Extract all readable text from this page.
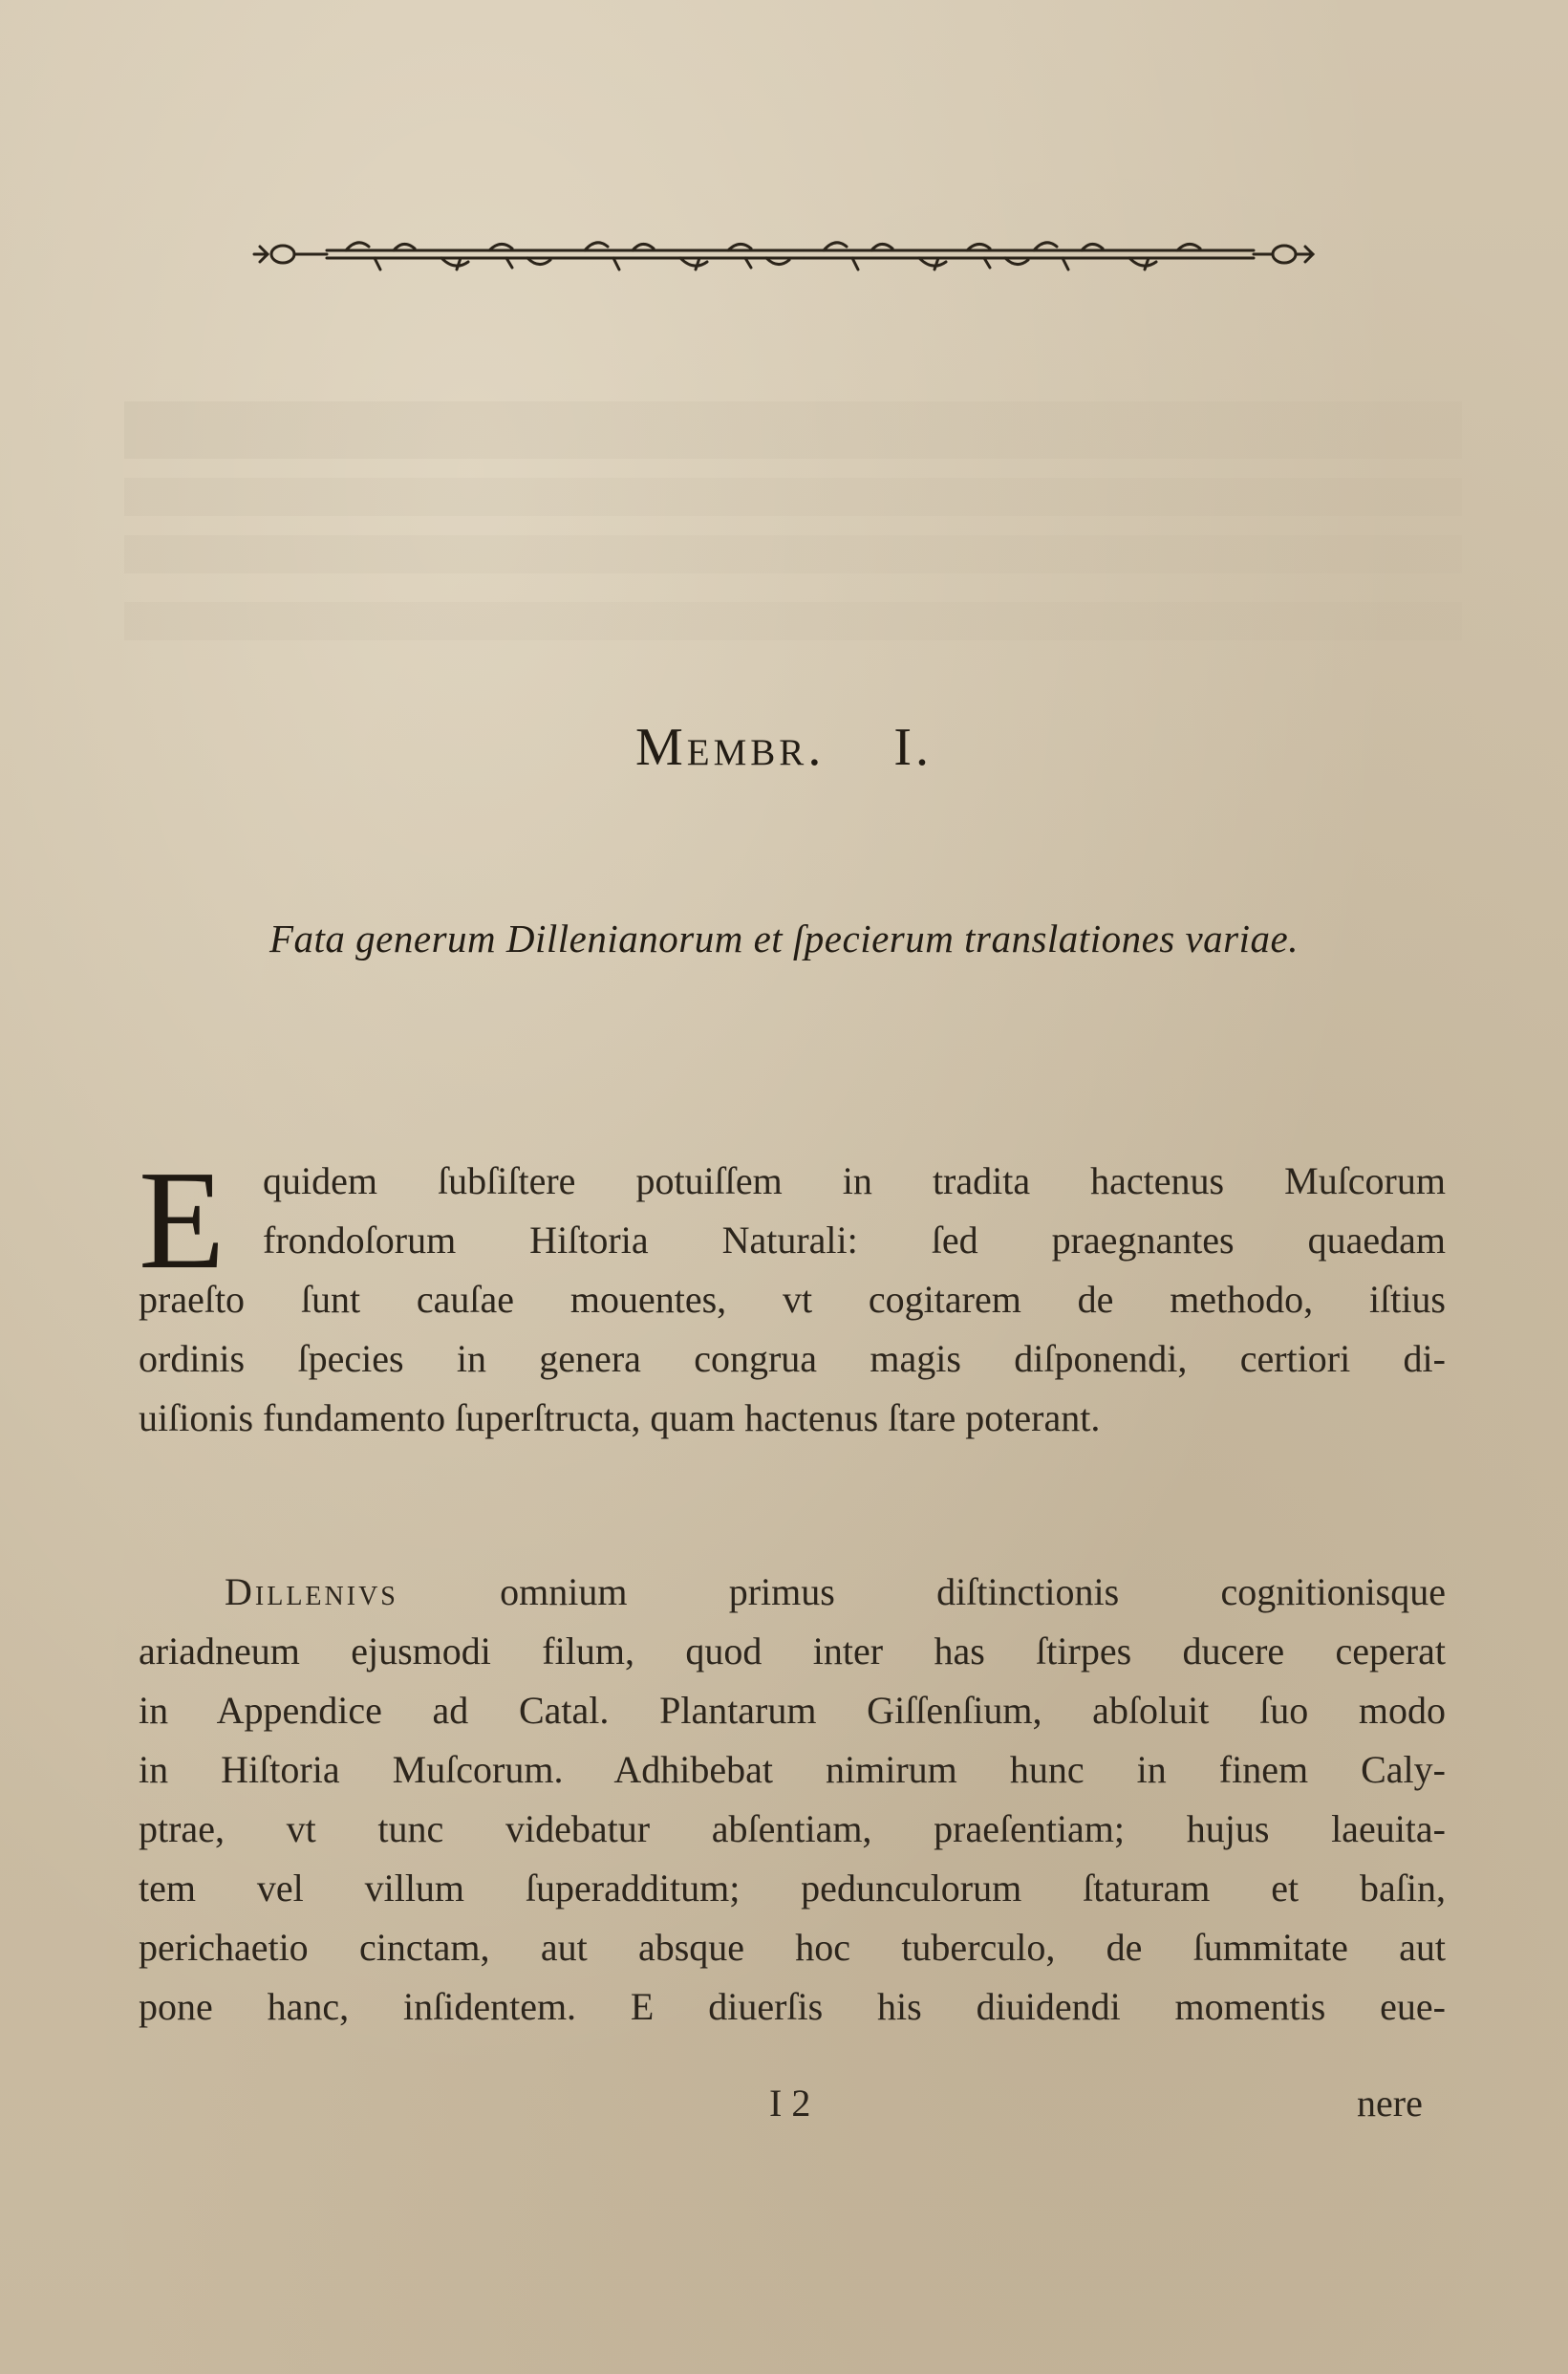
Membr. I.
Fata generum Dillenianorum et ſpecierum translationes variae.
E quidem ſubſiſtere potuiſſem in tradita hactenus Muſcorum
frondoſorum Hiſtoria Naturali: ſed praegnantes quaedam
praeſto ſunt cauſae mouentes, vt cogitarem de methodo, iſtius
ordinis ſpecies in genera congrua magis diſponendi, certiori di-
uiſionis fundamento ſuperſtructa, quam hactenus ſtare poterant.
Dillenivs	omnium primus diſtinctionis cognitionisque
ariadneum ejusmodi filum, quod inter has ſtirpes ducere ceperat
in Appendice ad Catal. Plantarum Giſſenſium, abſoluit ſuo modo
in Hiſtoria Muſcorum. Adhibebat nimirum hunc in finem Caly-
ptrae, vt tunc videbatur abſentiam, praeſentiam; hujus laeuita-
tem vel villum ſuperadditum; pedunculorum ſtaturam et baſin,
perichaetio cinctam, aut absque hoc tuberculo, de ſummitate aut
pone hanc, inſidentem. E diuerſis his diuidendi momentis eue-
I 2	nere
